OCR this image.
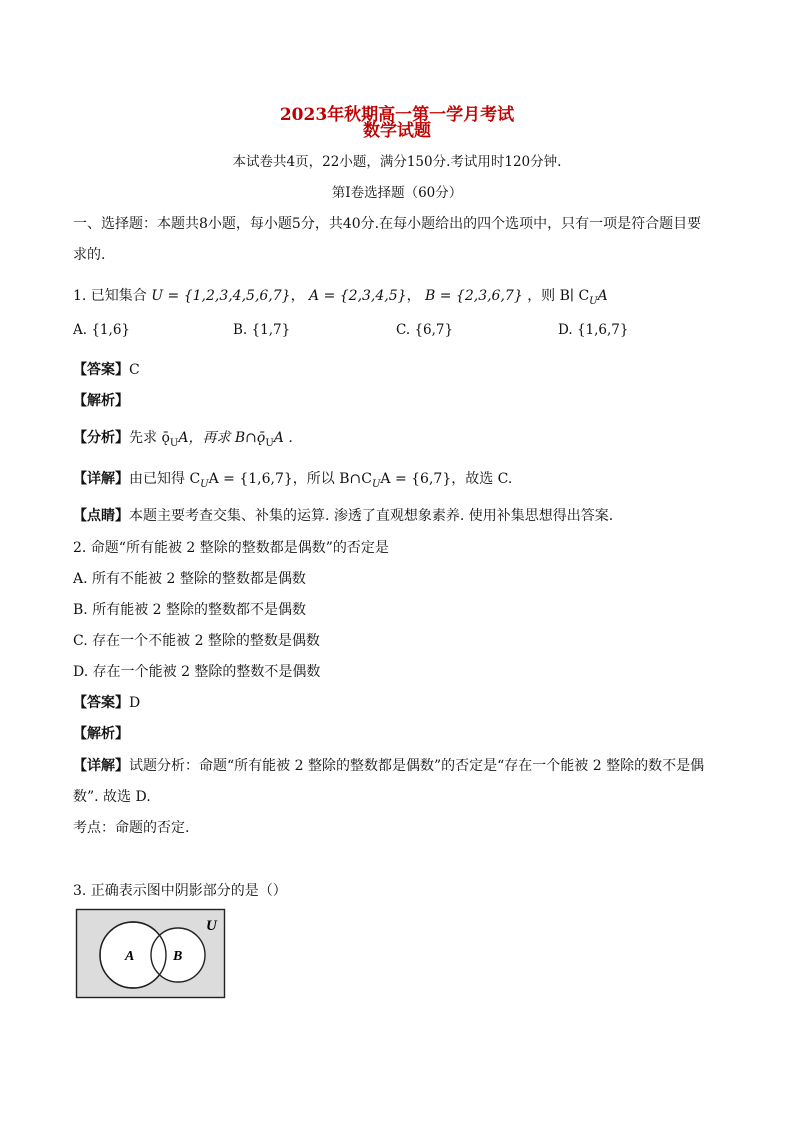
2023年秋期高一第一学月考试
数学试题
本试卷共4页，22小题，满分150分.考试用时120分钟.
第Ⅰ卷选择题（60分）
一、选择题：本题共8小题，每小题5分，共40分.在每小题给出的四个选项中，只有一项是符合题目要
求的.
1. 已知集合 U = {1,2,3,4,5,6,7}， A = {2,3,4,5}， B = {2,3,6,7} ，则 B∣ $C_UA$
A. {1,6}	B. {1,7}	C. {6,7}	D. {1,6,7}
【答案】C
【解析】
【分析】先求 $ǭ_UA$，再求 $B\cap ǭ_UA$ .
【详解】由已知得 $C_UA = \{1,6,7\}$，所以 $B\cap C_UA = \{6,7\}$，故选 C.
【点睛】本题主要考查交集、补集的运算. 渗透了直观想象素养. 使用补集思想得出答案.
2. 命题“所有能被 2 整除的整数都是偶数”的否定是
A. 所有不能被 2 整除的整数都是偶数
B. 所有能被 2 整除的整数都不是偶数
C. 存在一个不能被 2 整除的整数是偶数
D. 存在一个能被 2 整除的整数不是偶数
【答案】D
【解析】
【详解】试题分析：命题“所有能被 2 整除的整数都是偶数”的否定是“存在一个能被 2 整除的数不是偶
数”. 故选 D.
考点：命题的否定.
3. 正确表示图中阴影部分的是（）
U
A	B
